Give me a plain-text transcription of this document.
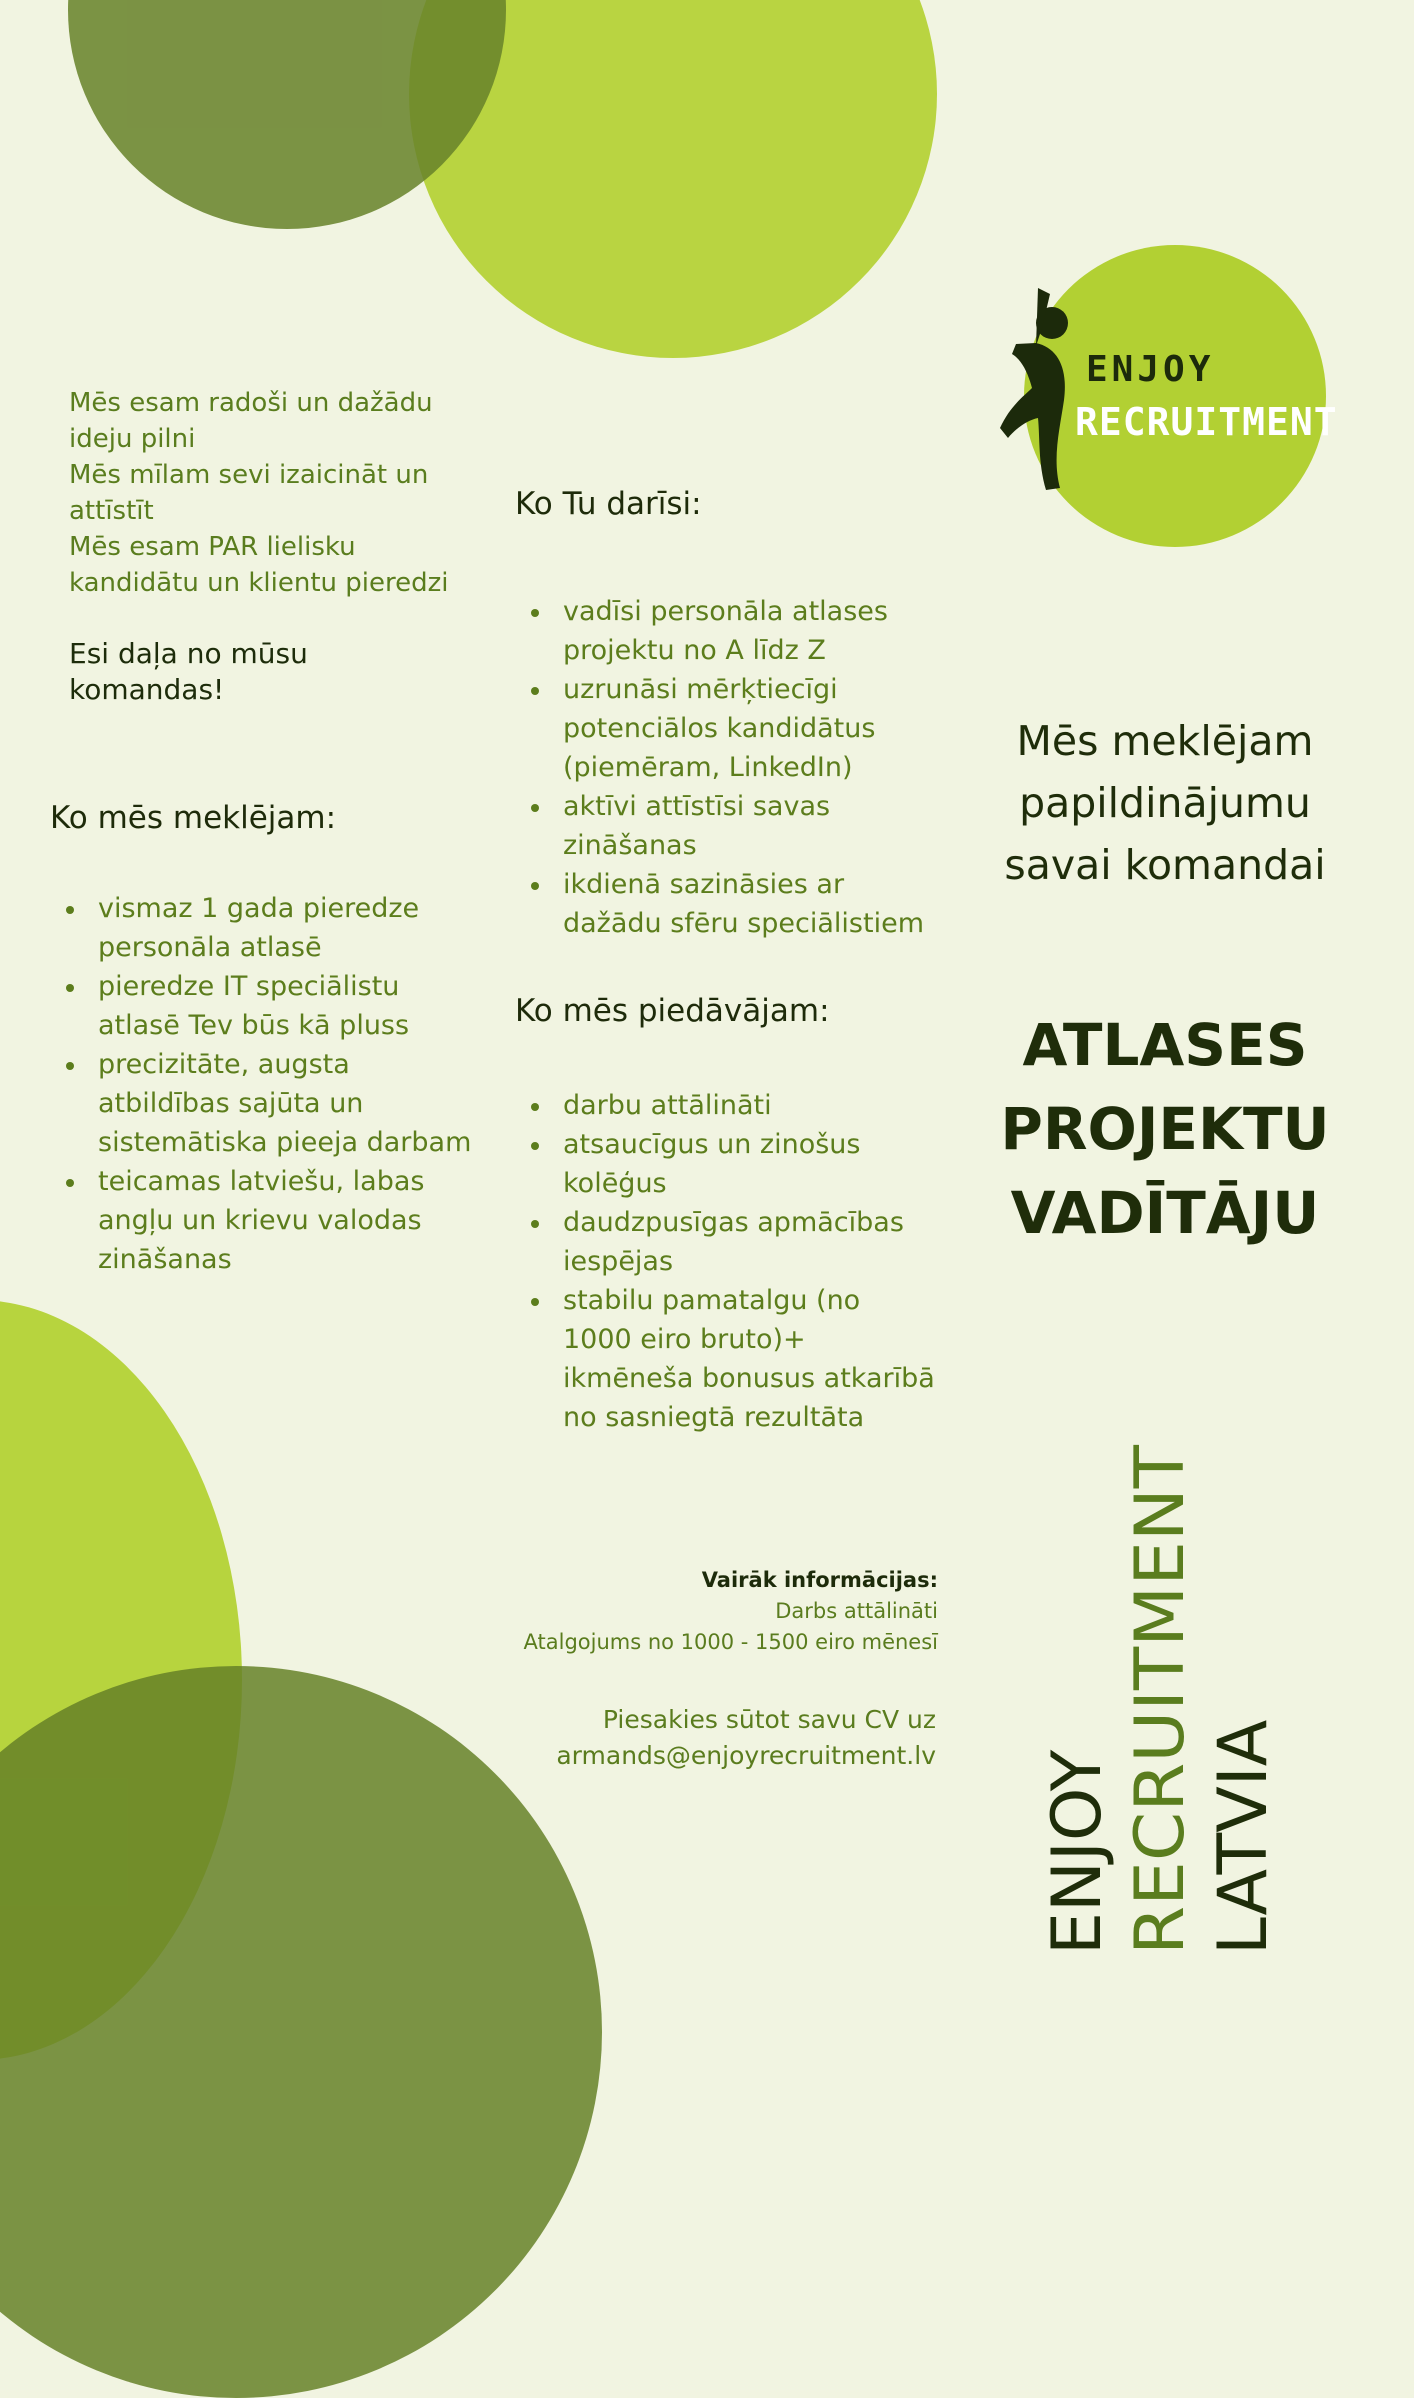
ENJOY
RECRUITMENT

Mēs esam radoši un dažādu ideju pilni

Mēs mīlam sevi izaicināt un attīstīt

Mēs esam PAR lielisku kandidātu un klientu pieredzi

Esi daļa no mūsu komandas!
Ko mēs meklējam:
vismaz 1 gada pieredze personāla atlasē
pieredze IT speciālistu atlasē Tev būs kā pluss
precizitāte, augsta atbildības sajūta un sistemātiska pieeja darbam
teicamas latviešu, labas angļu un krievu valodas zināšanas
Ko Tu darīsi:
vadīsi personāla atlases projektu no A līdz Z
uzrunāsi mērķtiecīgi potenciālos kandidātus (piemēram, LinkedIn)
aktīvi attīstīsi savas zināšanas
ikdienā sazināsies ar dažādu sfēru speciālistiem
Ko mēs piedāvājam:
darbu attālināti
atsaucīgus un zinošus kolēģus
daudzpusīgas apmācības iespējas
stabilu pamatalgu (no 1000 eiro bruto)+ ikmēneša bonusus atkarībā no sasniegtā rezultāta
Mēs meklējam papildinājumu savai komandai
ATLASES
PROJEKTU
VADĪTĀJU
Vairāk informācijas:
Darbs attālināti
Atalgojums no 1000 - 1500 eiro mēnesī
Piesakies sūtot savu CV uz
armands@enjoyrecruitment.lv ENJOY RECRUITMENT LATVIA
